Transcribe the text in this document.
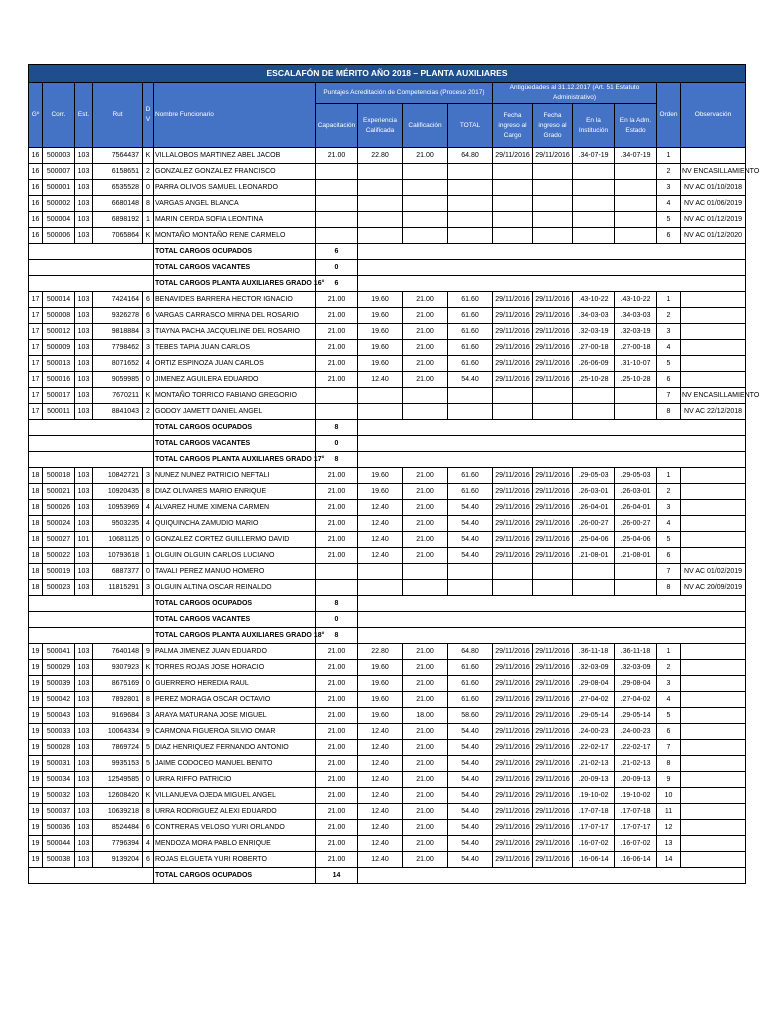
ESCALAFÓN DE MÉRITO AÑO 2018 – PLANTA AUXILIARES															
Gº	Corr.	Est.	Rut	D V	Nombre Funcionario	Puntajes Acreditación de Competencias (Proceso 2017)				Antigüedades al 31.12.2017 (Art. 51 Estatuto Administrativo)				Orden	Observación
						Capacitación	Experiencia Calificada	Calificación	TOTAL	Fecha ingreso al Cargo	Fecha ingreso al Grado	En la Institución	En la Adm. Estado		
16	500003	103	7564437	K	VILLALOBOS MARTINEZ ABEL JACOB	21.00	22.80	21.00	64.80	29/11/2016	29/11/2016	.34-07-19	.34-07-19	1	
16	500007	103	6158651	2	GONZALEZ GONZALEZ FRANCISCO									2	NV ENCASILLAMIENTO
16	500001	103	6535528	0	PARRA OLIVOS SAMUEL LEONARDO									3	NV AC 01/10/2018
16	500002	103	6680148	8	VARGAS ANGEL BLANCA									4	NV AC 01/06/2019
16	500004	103	6898192	1	MARIN CERDA SOFIA LEONTINA									5	NV AC 01/12/2019
16	500006	103	7065864	K	MONTAÑO MONTAÑO RENE CARMELO									6	NV AC 01/12/2020
					TOTAL CARGOS OCUPADOS	6									
					TOTAL CARGOS VACANTES	0									
					TOTAL CARGOS PLANTA AUXILIARES GRADO 16°	6									
17	500014	103	7424164	6	BENAVIDES BARRERA HECTOR IGNACIO	21.00	19.60	21.00	61.60	29/11/2016	29/11/2016	.43-10-22	.43-10-22	1	
17	500008	103	9326278	6	VARGAS CARRASCO MIRNA DEL ROSARIO	21.00	19.60	21.00	61.60	29/11/2016	29/11/2016	.34-03-03	.34-03-03	2	
17	500012	103	9818884	3	TIAYNA PACHA JACQUELINE DEL ROSARIO	21.00	19.60	21.00	61.60	29/11/2016	29/11/2016	.32-03-19	.32-03-19	3	
17	500009	103	7798462	3	TEBES TAPIA JUAN CARLOS	21.00	19.60	21.00	61.60	29/11/2016	29/11/2016	.27-00-18	.27-00-18	4	
17	500013	103	8071652	4	ORTIZ ESPINOZA JUAN CARLOS	21.00	19.60	21.00	61.60	29/11/2016	29/11/2016	.26-06-09	.31-10-07	5	
17	500016	103	9059985	0	JIMENEZ AGUILERA EDUARDO	21.00	12.40	21.00	54.40	29/11/2016	29/11/2016	.25-10-28	.25-10-28	6	
17	500017	103	7670211	K	MONTAÑO TORRICO FABIANO GREGORIO									7	NV ENCASILLAMIENTO
17	500011	103	8841043	2	GODOY JAMETT DANIEL ANGEL									8	NV AC 22/12/2018
					TOTAL CARGOS OCUPADOS	8									
					TOTAL CARGOS VACANTES	0									
					TOTAL CARGOS PLANTA AUXILIARES GRADO 17°	8									
18	500018	103	10842721	3	NUNEZ NUNEZ PATRICIO NEFTALI	21.00	19.60	21.00	61.60	29/11/2016	29/11/2016	.29-05-03	.29-05-03	1	
18	500021	103	10920435	8	DIAZ OLIVARES MARIO ENRIQUE	21.00	19.60	21.00	61.60	29/11/2016	29/11/2016	.26-03-01	.26-03-01	2	
18	500026	103	10953969	4	ALVAREZ HUME XIMENA CARMEN	21.00	12.40	21.00	54.40	29/11/2016	29/11/2016	.26-04-01	.26-04-01	3	
18	500024	103	9503235	4	QUIQUINCHA ZAMUDIO MARIO	21.00	12.40	21.00	54.40	29/11/2016	29/11/2016	.26-00-27	.26-00-27	4	
18	500027	101	10681125	0	GONZALEZ CORTEZ GUILLERMO DAVID	21.00	12.40	21.00	54.40	29/11/2016	29/11/2016	.25-04-06	.25-04-06	5	
18	500022	103	10793618	1	OLGUIN OLGUIN CARLOS LUCIANO	21.00	12.40	21.00	54.40	29/11/2016	29/11/2016	.21-08-01	.21-08-01	6	
18	500019	103	6887377	0	TAVALI PEREZ MANUO HOMERO									7	NV AC 01/02/2019
18	500023	103	11815291	3	OLGUIN ALTINA OSCAR REINALDO									8	NV AC 20/09/2019
					TOTAL CARGOS OCUPADOS	8									
					TOTAL CARGOS VACANTES	0									
					TOTAL CARGOS PLANTA AUXILIARES GRADO 18°	8									
19	500041	103	7640148	9	PALMA JIMENEZ JUAN EDUARDO	21.00	22.80	21.00	64.80	29/11/2016	29/11/2016	.36-11-18	.36-11-18	1	
19	500029	103	9307923	K	TORRES ROJAS JOSE HORACIO	21.00	19.60	21.00	61.60	29/11/2016	29/11/2016	.32-03-09	.32-03-09	2	
19	500039	103	8675169	0	GUERRERO HEREDIA RAUL	21.00	19.60	21.00	61.60	29/11/2016	29/11/2016	.29-08-04	.29-08-04	3	
19	500042	103	7892801	8	PEREZ MORAGA OSCAR OCTAVIO	21.00	19.60	21.00	61.60	29/11/2016	29/11/2016	.27-04-02	.27-04-02	4	
19	500043	103	9169684	3	ARAYA MATURANA JOSE MIGUEL	21.00	19.60	18.00	58.60	29/11/2016	29/11/2016	.29-05-14	.29-05-14	5	
19	500033	103	10064334	9	CARMONA FIGUEROA SILVIO OMAR	21.00	12.40	21.00	54.40	29/11/2016	29/11/2016	.24-00-23	.24-00-23	6	
19	500028	103	7869724	5	DIAZ HENRIQUEZ FERNANDO ANTONIO	21.00	12.40	21.00	54.40	29/11/2016	29/11/2016	.22-02-17	.22-02-17	7	
19	500031	103	9935153	5	JAIME CODOCEO MANUEL BENITO	21.00	12.40	21.00	54.40	29/11/2016	29/11/2016	.21-02-13	.21-02-13	8	
19	500034	103	12549585	0	URRA RIFFO PATRICIO	21.00	12.40	21.00	54.40	29/11/2016	29/11/2016	.20-09-13	.20-09-13	9	
19	500032	103	12608420	K	VILLANUEVA OJEDA MIGUEL ANGEL	21.00	12.40	21.00	54.40	29/11/2016	29/11/2016	.19-10-02	.19-10-02	10	
19	500037	103	10639218	8	URRA RODRIGUEZ ALEXI EDUARDO	21.00	12.40	21.00	54.40	29/11/2016	29/11/2016	.17-07-18	.17-07-18	11	
19	500036	103	8524484	6	CONTRERAS VELOSO YURI ORLANDO	21.00	12.40	21.00	54.40	29/11/2016	29/11/2016	.17-07-17	.17-07-17	12	
19	500044	103	7796394	4	MENDOZA MORA PABLO ENRIQUE	21.00	12.40	21.00	54.40	29/11/2016	29/11/2016	.16-07-02	.16-07-02	13	
19	500038	103	9139204	6	ROJAS ELGUETA YURI ROBERTO	21.00	12.40	21.00	54.40	29/11/2016	29/11/2016	.16-06-14	.16-06-14	14	
					TOTAL CARGOS OCUPADOS	14									
